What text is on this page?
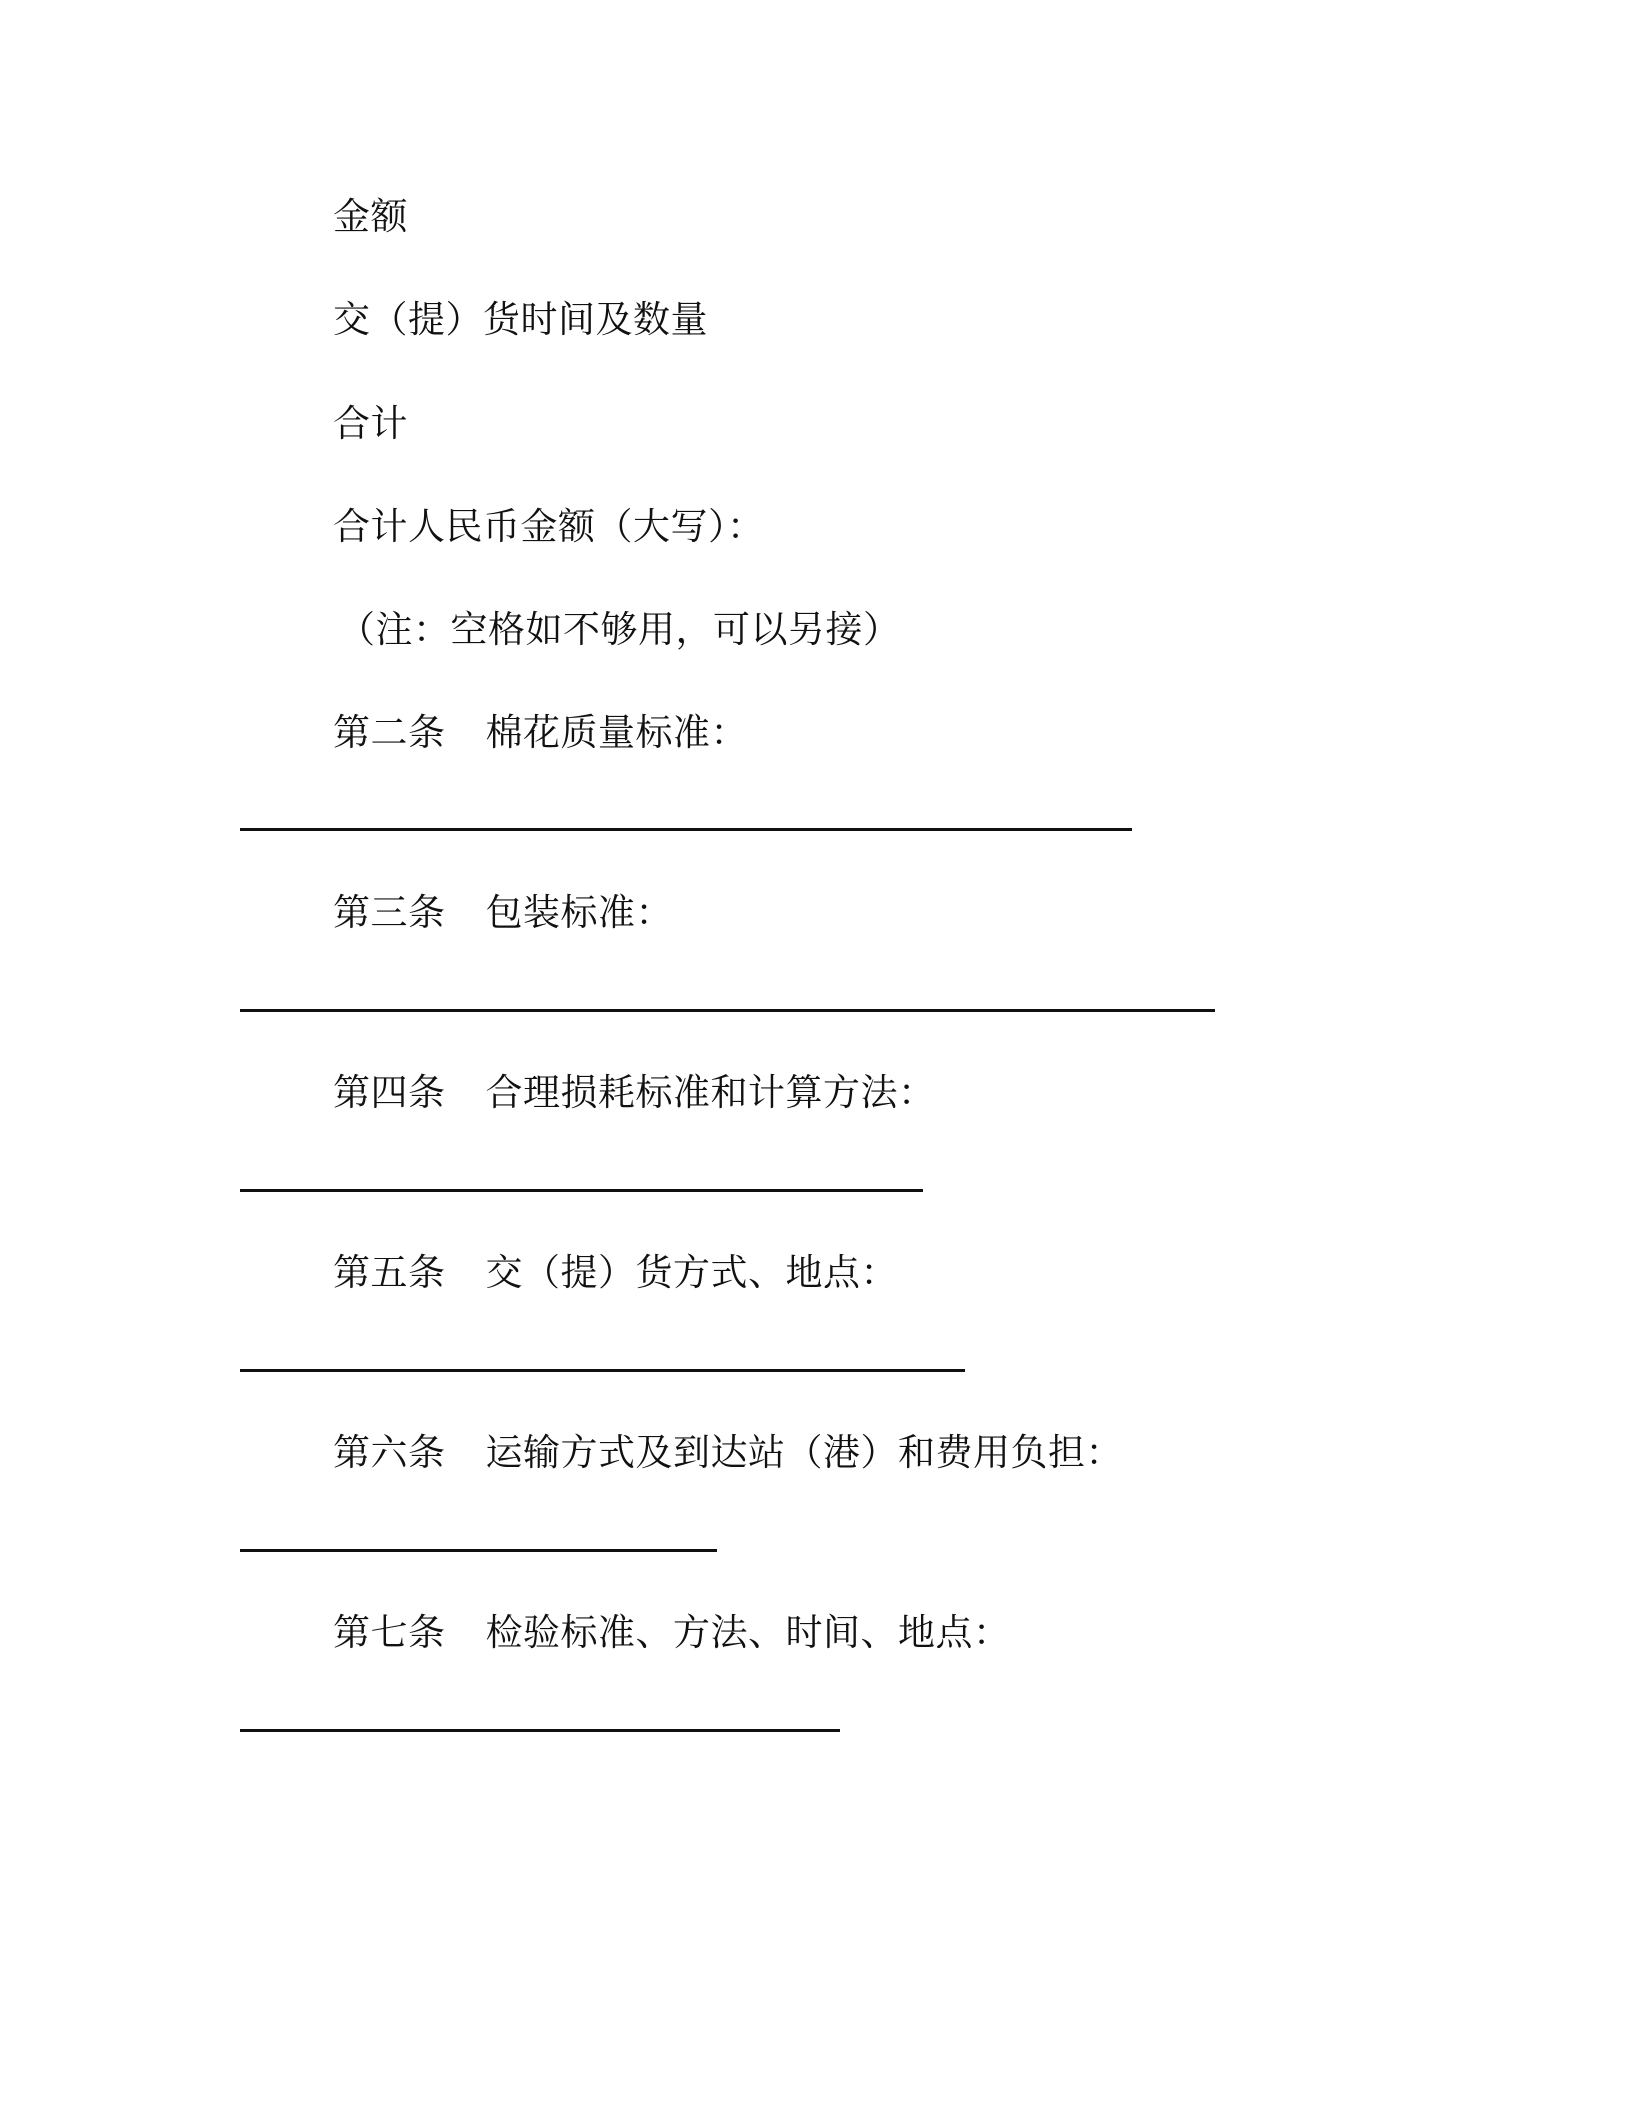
金额
交（提）货时间及数量
合计
合计人民币金额（大写）：
（注：空格如不够用，可以另接）
第二条 棉花质量标准：
第三条 包装标准：
第四条 合理损耗标准和计算方法：
第五条 交（提）货方式、地点：
第六条 运输方式及到达站（港）和费用负担：
第七条 检验标准、方法、时间、地点：
